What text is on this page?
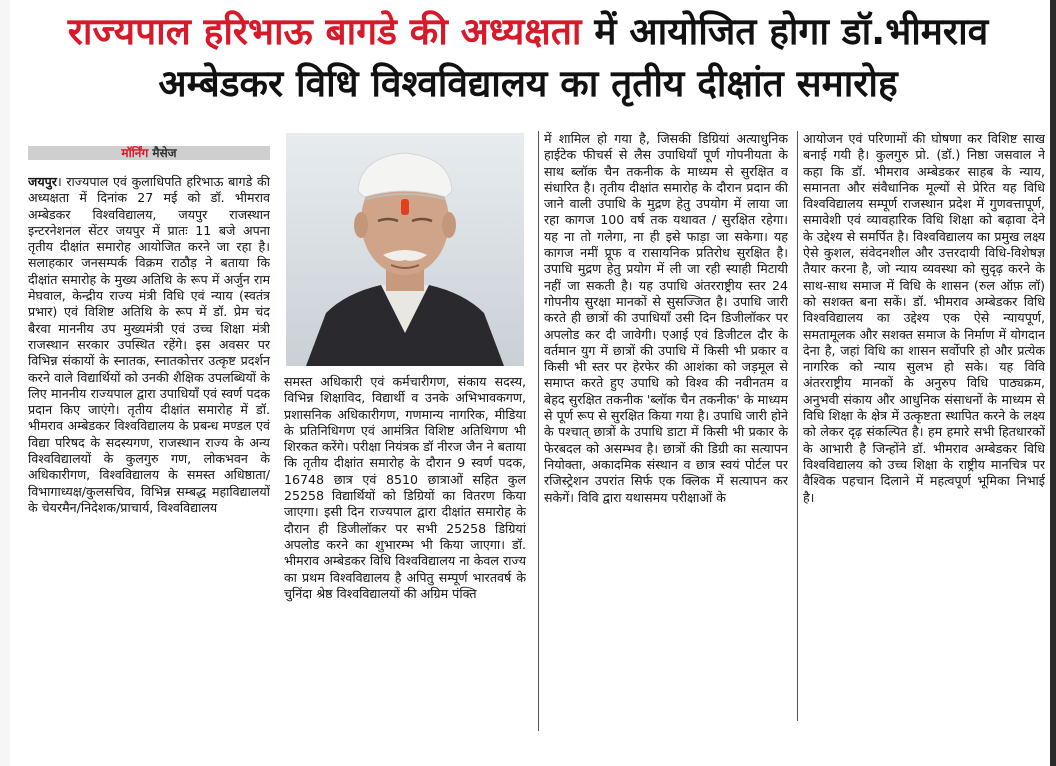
राज्यपाल हरिभाऊ बागडे की अध्यक्षता में आयोजित होगा डॉ.भीमराव
अम्बेडकर विधि विश्वविद्यालय का तृतीय दीक्षांत समारोह
मॉर्निंग मैसेज

जयपुर। राज्यपाल एवं कुलाधिपति हरिभाऊ बागडे की अध्यक्षता में दिनांक 27 मई को डॉ. भीमराव अम्बेडकर विश्वविद्यालय, जयपुर राजस्थान इन्टरनेशनल सेंटर जयपुर में प्रातः 11 बजे अपना तृतीय दीक्षांत समारोह आयोजित करने जा रहा है। सलाहकार जनसम्पर्क विक्रम राठौड़ ने बताया कि दीक्षांत समारोह के मुख्य अतिथि के रूप में अर्जुन राम मेघवाल, केन्द्रीय राज्य मंत्री विधि एवं न्याय (स्वतंत्र प्रभार) एवं विशिष्ट अतिथि के रूप में डॉ. प्रेम चंद बैरवा माननीय उप मुख्यमंत्री एवं उच्च शिक्षा मंत्री राजस्थान सरकार उपस्थित रहेंगे। इस अवसर पर विभिन्न संकायों के स्नातक, स्नातकोत्तर उत्कृष्ट प्रदर्शन करने वाले विद्यार्थियों को उनकी शैक्षिक उपलब्धियों के लिए माननीय राज्यपाल द्वारा उपाधियाँ एवं स्वर्ण पदक प्रदान किए जाएंगे। तृतीय दीक्षांत समारोह में डॉ. भीमराव अम्बेडकर विश्वविद्यालय के प्रबन्ध मण्डल एवं विद्या परिषद के सदस्यगण, राजस्थान राज्य के अन्य विश्वविद्यालयों के कुलगुरु गण, लोकभवन के अधिकारीगण, विश्वविद्यालय के समस्त अधिष्ठाता/ विभागाध्यक्ष/कुलसचिव, विभिन्न सम्बद्ध महाविद्यालयों के चेयरमैन/निदेशक/प्राचार्य, विश्वविद्यालय

समस्त अधिकारी एवं कर्मचारीगण, संकाय सदस्य, विभिन्न शिक्षाविद, विद्यार्थी व उनके अभिभावकगण, प्रशासनिक अधिकारीगण, गणमान्य नागरिक, मीडिया के प्रतिनिधिगण एवं आमंत्रित विशिष्ट अतिथिगण भी शिरकत करेंगे। परीक्षा नियंत्रक डॉ नीरज जैन ने बताया कि तृतीय दीक्षांत समारोह के दौरान 9 स्वर्ण पदक, 16748 छात्र एवं 8510 छात्राओं सहित कुल 25258 विद्यार्थियों को डिग्रियों का वितरण किया जाएगा। इसी दिन राज्यपाल द्वारा दीक्षांत समारोह के दौरान ही डिजीलॉकर पर सभी 25258 डिग्रियां अपलोड करने का शुभारम्भ भी किया जाएगा। डॉ. भीमराव अम्बेडकर विधि विश्वविद्यालय ना केवल राज्य का प्रथम विश्वविद्यालय है अपितु सम्पूर्ण भारतवर्ष के चुनिंदा श्रेष्ठ विश्वविद्यालयों की अग्रिम पंक्ति

में शामिल हो गया है, जिसकी डिग्रियां अत्याधुनिक हाईटेक फीचर्स से लैस उपाधियाँ पूर्ण गोपनीयता के साथ ब्लॉक चैन तकनीक के माध्यम से सुरक्षित व संधारित है। तृतीय दीक्षांत समारोह के दौरान प्रदान की जाने वाली उपाधि के मुद्रण हेतु उपयोग में लाया जा रहा कागज 100 वर्ष तक यथावत / सुरक्षित रहेगा। यह ना तो गलेगा, ना ही इसे फाड़ा जा सकेगा। यह कागज नमीं प्रूफ व रासायनिक प्रतिरोध सुरक्षित है। उपाधि मुद्रण हेतु प्रयोग में ली जा रही स्याही मिटायी नहीं जा सकती है। यह उपाधि अंतरराष्ट्रीय स्तर 24 गोपनीय सुरक्षा मानकों से सुसज्जित है। उपाधि जारी करते ही छात्रों की उपाधियाँ उसी दिन डिजीलॉकर पर अपलोड कर दी जावेगी। एआई एवं डिजीटल दौर के वर्तमान युग में छात्रों की उपाधि में किसी भी प्रकार व किसी भी स्तर पर हेरफेर की आशंका को जड़मूल से समाप्त करते हुए उपाधि को विश्व की नवीनतम व बेहद सुरक्षित तकनीक 'ब्लॉक चैन तकनीक' के माध्यम से पूर्ण रूप से सुरक्षित किया गया है। उपाधि जारी होने के पश्चात् छात्रों के उपाधि डाटा में किसी भी प्रकार के फेरबदल को असम्भव है। छात्रों की डिग्री का सत्यापन नियोक्ता, अकादमिक संस्थान व छात्र स्वयं पोर्टल पर रजिस्ट्रेशन उपरांत सिर्फ एक क्लिक में सत्यापन कर सकेगें। विवि द्वारा यथासमय परीक्षाओं के

आयोजन एवं परिणामों की घोषणा कर विशिष्ट साख बनाई गयी है। कुलगुरु प्रो. (डॉ.) निष्ठा जसवाल ने कहा कि डॉ. भीमराव अम्बेडकर साहब के न्याय, समानता और संवैधानिक मूल्यों से प्रेरित यह विधि विश्वविद्यालय सम्पूर्ण राजस्थान प्रदेश में गुणवत्तापूर्ण, समावेशी एवं व्यावहारिक विधि शिक्षा को बढ़ावा देने के उद्देश्य से समर्पित है। विश्वविद्यालय का प्रमुख लक्ष्य ऐसे कुशल, संवेदनशील और उत्तरदायी विधि-विशेषज्ञ तैयार करना है, जो न्याय व्यवस्था को सुदृढ़ करने के साथ-साथ समाज में विधि के शासन (रुल ऑफ़ लॉ) को सशक्त बना सकें। डॉ. भीमराव अम्बेडकर विधि विश्वविद्यालय का उद्देश्य एक ऐसे न्यायपूर्ण, समतामूलक और सशक्त समाज के निर्माण में योगदान देना है, जहां विधि का शासन सर्वोपरि हो और प्रत्येक नागरिक को न्याय सुलभ हो सके। यह विवि अंतरराष्ट्रीय मानकों के अनुरुप विधि पाठ्यक्रम, अनुभवी संकाय और आधुनिक संसाधनों के माध्यम से विधि शिक्षा के क्षेत्र में उत्कृष्टता स्थापित करने के लक्ष्य को लेकर दृढ़ संकल्पित है। हम हमारे सभी हितधारकों के आभारी है जिन्होंने डॉ. भीमराव अम्बेडकर विधि विश्वविद्यालय को उच्च शिक्षा के राष्ट्रीय मानचित्र पर वैश्विक पहचान दिलाने में महत्वपूर्ण भूमिका निभाई है।
